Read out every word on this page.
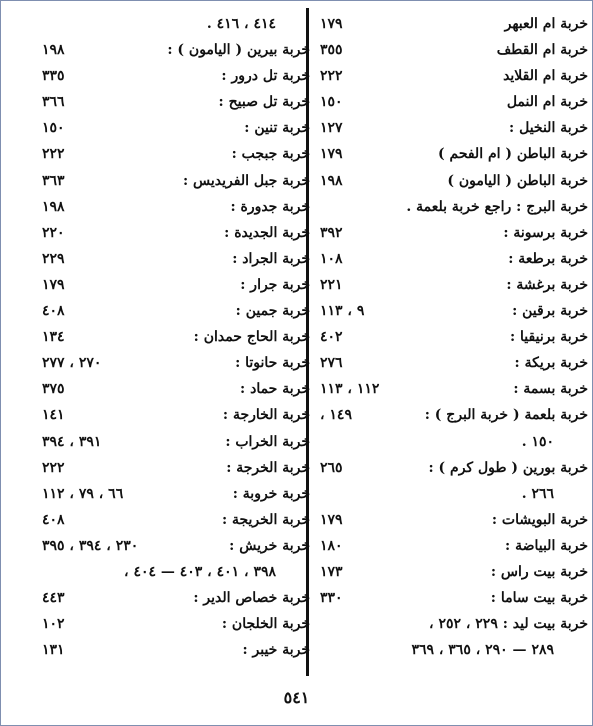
خربة ام العبهر
١٧٩
خربة ام القطف
٣٥٥
خربة ام القلايد
٢٢٢
خربة ام النمل
١٥٠
خربة النخيل :
١٢٧
خربة الباطن ( ام الفحم )
١٧٩
خربة الباطن ( اليامون )
١٩٨
خربة البرج : راجع خربة بلعمة .
خربة برسونة :
٣٩٢
خربة برطعة :
١٠٨
خربة برغشة :
٢٢١
خربة برقين :
٩ ، ١١٣
خربة برنيقيا :
٤٠٢
خربة بريكة :
٢٧٦
خربة بسمة :
١١٢ ، ١١٣
خربة بلعمة ( خربة البرج ) :
١٤٩ ،
١٥٠ .
خربة بورين ( طول كرم ) :
٢٦٥
٢٦٦ .
خربة البويشات :
١٧٩
خربة البياضة :
١٨٠
خربة بيت راس :
١٧٣
خربة بيت ساما :
٣٣٠
خربة بيت ليد : ٢٢٩ ، ٢٥٢ ،
٢٨٩ — ٢٩٠ ، ٣٦٥ ، ٣٦٩
٤١٤ ، ٤١٦ .
خربة بيرين ( اليامون ) :
١٩٨
خربة تل درور :
٣٣٥
خربة تل صبيح :
٣٦٦
خربة تنين :
١٥٠
خربة جبجب :
٢٢٢
خربة جبل الفريديس :
٣٦٣
خربة جدورة :
١٩٨
خربة الجديدة :
٢٢٠
خربة الجراد :
٢٢٩
خربة جرار :
١٧٩
خربة جمين :
٤٠٨
خربة الحاج حمدان :
١٣٤
خربة حانوتا :
٢٧٠ ، ٢٧٧
خربة حماد :
٣٧٥
خربة الخارجة :
١٤١
خربة الخراب :
٣٩١ ، ٣٩٤
خربة الخرجة :
٢٢٢
خربة خروبة :
٦٦ ، ٧٩ ، ١١٢
خربة الخريجة :
٤٠٨
خربة خريش :
٢٣٠ ، ٣٩٤ ، ٣٩٥
٣٩٨ ، ٤٠١ ، ٤٠٣ — ٤٠٤ ،
خربة خصاص الدير :
٤٤٣
خربة الخلجان :
١٠٢
خربة خيبر :
١٣١
٥٤١
